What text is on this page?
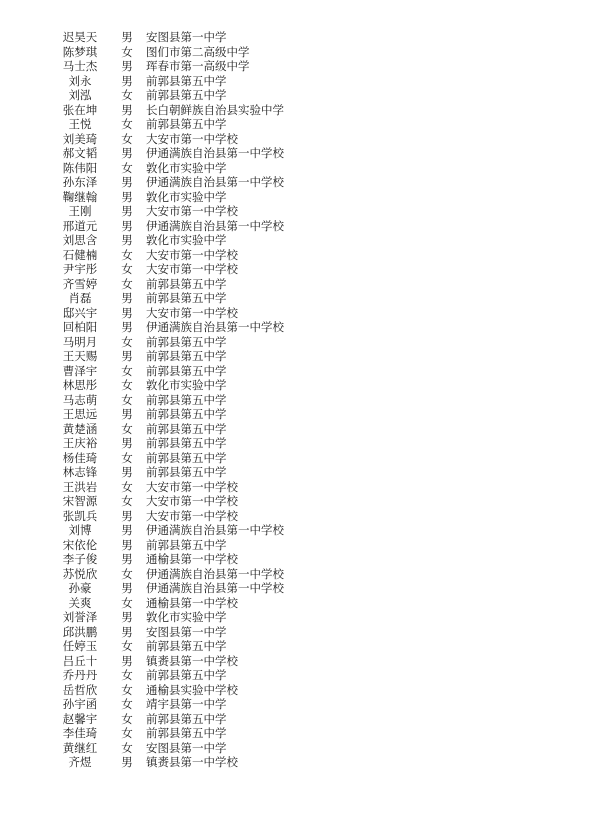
迟昊天 男 安图县第一中学
陈梦琪 女 图们市第二高级中学
马士杰 男 珲春市第一高级中学
刘永	男 前郭县第五中学
刘泓	女 前郭县第五中学
张在坤 男 长白朝鲜族自治县实验中学
王悦	女 前郭县第五中学
刘美琦 女 大安市第一中学校
郝文韬 男 伊通满族自治县第一中学校
陈伟阳 女 敦化市实验中学
孙东泽 男 伊通满族自治县第一中学校
鞠继翰 男 敦化市实验中学
王刚	男 大安市第一中学校
邢道元 男 伊通满族自治县第一中学校
刘思含 男 敦化市实验中学
石健楠 女 大安市第一中学校
尹宇彤 女 大安市第一中学校
齐雪婷 女 前郭县第五中学
肖磊	男 前郭县第五中学
邸兴宇 男 大安市第一中学校
回柏阳 男 伊通满族自治县第一中学校
马明月 女 前郭县第五中学
王天赐 男 前郭县第五中学
曹泽宇 女 前郭县第五中学
林思彤 女 敦化市实验中学
马志萌 女 前郭县第五中学
王思远 男 前郭县第五中学
黄楚涵 女 前郭县第五中学
王庆裕 男 前郭县第五中学
杨佳琦 女 前郭县第五中学
林志锋 男 前郭县第五中学
王洪岩 女 大安市第一中学校
宋智源 女 大安市第一中学校
张凯兵 男 大安市第一中学校
刘博	男 伊通满族自治县第一中学校
宋依伦 男 前郭县第五中学
李子俊 男 通榆县第一中学校
苏悦欣 女 伊通满族自治县第一中学校
孙豪	男 伊通满族自治县第一中学校
关爽	女 通榆县第一中学校
刘誉泽 男 敦化市实验中学
邱洪鹏 男 安图县第一中学
任婷玉 女 前郭县第五中学
吕丘十 男 镇赉县第一中学校
乔丹丹 女 前郭县第五中学
岳哲欣 女 通榆县实验中学校
孙宇函 女 靖宇县第一中学
赵馨宇 女 前郭县第五中学
李佳琦 女 前郭县第五中学
黄继红 女 安图县第一中学
齐煜	男 镇赉县第一中学校
